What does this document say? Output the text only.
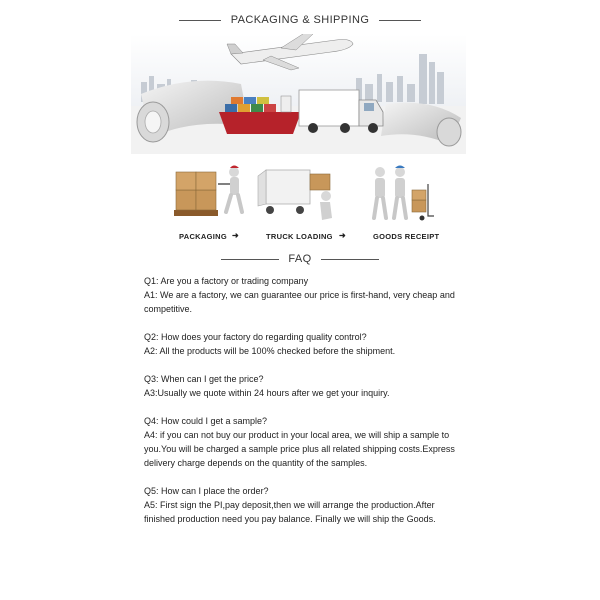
PACKAGING & SHIPPING
PACKAGING ➜	TRUCK LOADING ➜	GOODS RECEIPT
FAQ

Q1: Are you a factory or trading company

A1: We are a factory, we can guarantee our price is first-hand, very cheap and competitive.

Q2: How does your factory do regarding quality control?

A2: All the products will be 100% checked before the shipment.

Q3: When can I get the price?

A3:Usually we quote within 24 hours after we get your inquiry.

Q4: How could I get a sample?

A4: if you can not buy our product in your local area, we will ship a sample to you.You will be charged a sample price plus all related shipping costs.Express delivery charge depends on the quantity of the samples.

Q5: How can I place the order?

A5: First sign the PI,pay deposit,then we will arrange the production.After finished production need you pay balance. Finally we will ship the Goods.
